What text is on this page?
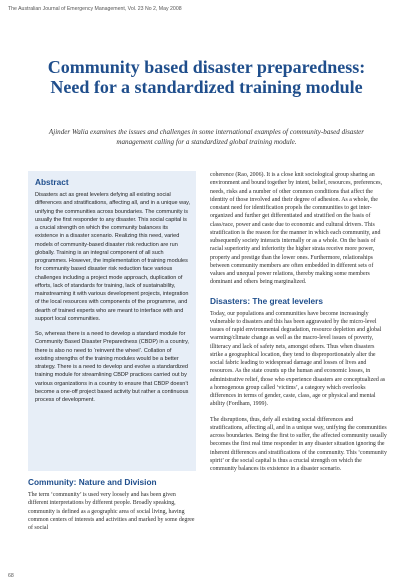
The Australian Journal of Emergency Management, Vol. 23 No 2, May 2008
Community based disaster preparedness: Need for a standardized training module

Ajinder Walia examines the issues and challenges in some international examples of community-based disaster management calling for a standardized global training module.

Abstract

Disasters act as great levelers defying all existing social differences and stratifications, affecting all, and in a unique way, unifying the communities across boundaries. The community is usually the first responder to any disaster. This social capital is a crucial strength on which the community balances its existence in a disaster scenario. Realizing this need, varied models of community-based disaster risk reduction are run globally. Training is an integral component of all such programmes. However, the implementation of training modules for community based disaster risk reduction face various challenges including a project mode approach, duplication of efforts, lack of standards for training, lack of sustainability, mainstreaming it with various development projects, integration of the local resources with components of the programme, and dearth of trained experts who are meant to interface with and support local communities.

So, whereas there is a need to develop a standard module for Community Based Disaster Preparedness (CBDP) in a country, there is also no need to ‘reinvent the wheel’. Collation of existing strengths of the training modules would be a better strategy. There is a need to develop and evolve a standardized training module for streamlining CBDP practices carried out by various organizations in a country to ensure that CBDP doesn’t become a one-off project based activity but rather a continuous process of development.

Community: Nature and Division

The term ‘community’ is used very loosely and has been given different interpretations by different people. Broadly speaking, community is defined as a geographic area of social living, having common centers of interests and activities and marked by some degree of social

coherence (Rao, 2006). It is a close knit sociological group sharing an environment and bound together by intent, belief, resources, preferences, needs, risks and a number of other common conditions that affect the identity of those involved and their degree of adhesion. As a whole, the constant need for identification propels the communities to get inter-organized and further get differentiated and stratified on the basis of class/race, power and caste due to economic and cultural drivers. This stratification is the reason for the manner in which each community, and subsequently society interacts internally or as a whole. On the basis of racial superiority and inferiority the higher strata receive more power, property and prestige than the lower ones. Furthermore, relationships between community members are often embedded in different sets of values and unequal power relations, thereby making some members dominant and others being marginalized.

Disasters: The great levelers

Today, our populations and communities have become increasingly vulnerable to disasters and this has been aggravated by the micro-level issues of rapid environmental degradation, resource depletion and global warming/climate change as well as the macro-level issues of poverty, illiteracy and lack of safety nets, amongst others. Thus when disasters strike a geographical location, they tend to disproportionately alter the social fabric leading to widespread damage and losses of lives and resources. As the state counts up the human and economic losses, in administrative relief, those who experience disasters are conceptualized as a homogenous group called ‘victims’, a category which overlooks differences in terms of gender, caste, class, age or physical and mental ability (Fordham, 1999).

The disruptions, thus, defy all existing social differences and stratifications, affecting all, and in a unique way, unifying the communities across boundaries. Being the first to suffer, the affected community usually becomes the first real time responder in any disaster situation ignoring the inherent differences and stratifications of the community. This ‘community spirit’ or the social capital is thus a crucial strength on which the community balances its existence in a disaster scenario.

68
